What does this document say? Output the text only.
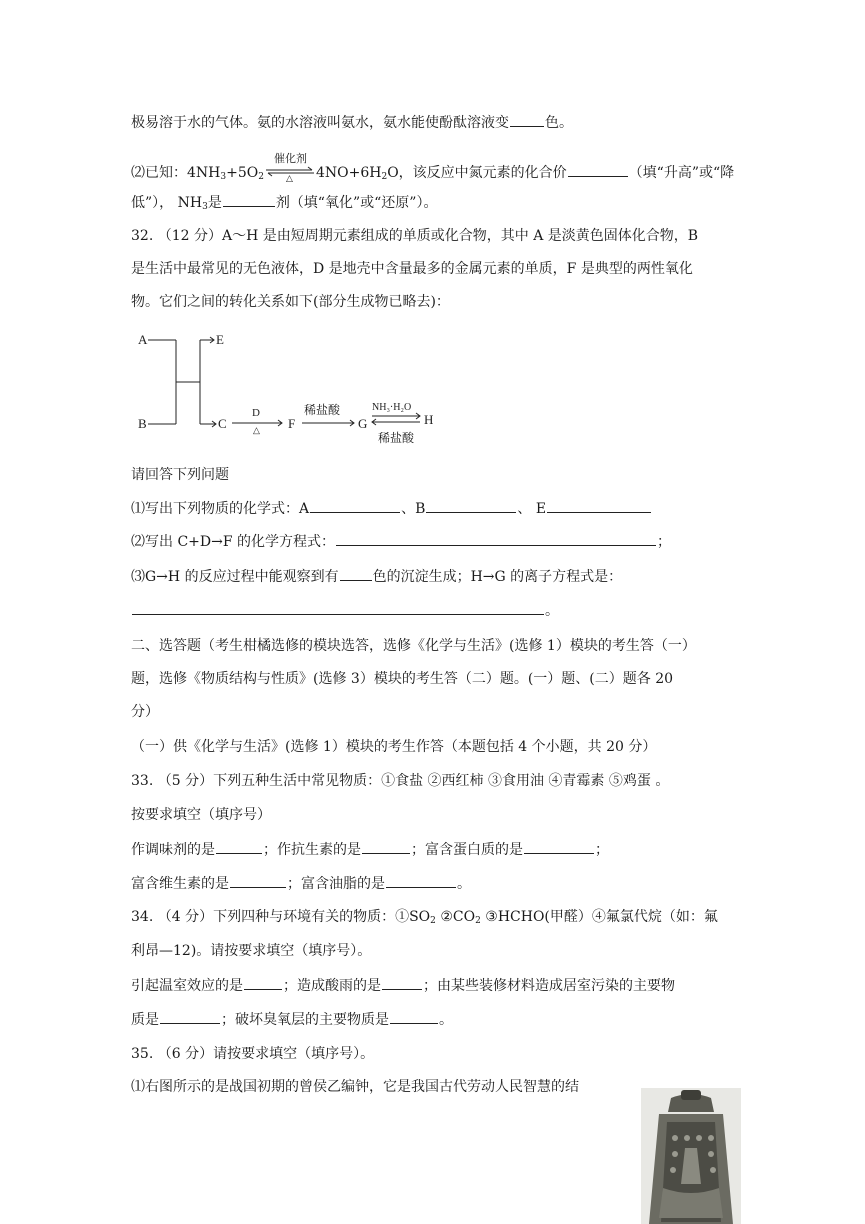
极易溶于水的气体。氨的水溶液叫氨水，氨水能使酚酞溶液变	色。
⑵已知：$4NH_3+5O_2$
催化剂
△ $4NO+6H_2O$，该反应中氮元素的化合价	（填“升高”或“降
低”）， $NH_3$是	剂（填“氧化”或“还原”）。
32. （12 分）A～H 是由短周期元素组成的单质或化合物，其中 A 是淡黄色固体化合物，B
是生活中最常见的无色液体，D 是地壳中含量最多的金属元素的单质，F 是典型的两性氧化
物。它们之间的转化关系如下(部分生成物已略去)：
A
B
E
C
D
△ F
稀盐酸
G
NH₃·H₂O
稀盐酸
H
请回答下列问题
⑴写出下列物质的化学式：A	、B	、 E
⑵写出 C+D→F 的化学方程式：	；
⑶G→H 的反应过程中能观察到有 色的沉淀生成；H→G 的离子方程式是：
。
二、选答题（考生柑橘选修的模块选答，选修《化学与生活》(选修 1）模块的考生答（一）
题，选修《物质结构与性质》(选修 3）模块的考生答（二）题。(一）题、(二）题各 20
分）
（一）供《化学与生活》(选修 1）模块的考生作答（本题包括 4 个小题，共 20 分）
33. （5 分）下列五种生活中常见物质：①食盐 ②西红柿 ③食用油 ④青霉素 ⑤鸡蛋 。
按要求填空（填序号）
作调味剂的是	；作抗生素的是	；富含蛋白质的是	；
富含维生素的是	；富含油脂的是	。
34. （4 分）下列四种与环境有关的物质：$①SO_2$ $②CO_2$ ③HCHO(甲醛）④氟氯代烷（如：氟
利昂—12)。请按要求填空（填序号）。
引起温室效应的是	；造成酸雨的是	；由某些装修材料造成居室污染的主要物
质是	；破坏臭氧层的主要物质是	。
35. （6 分）请按要求填空（填序号）。
⑴右图所示的是战国初期的曾侯乙编钟，它是我国古代劳动人民智慧的结
